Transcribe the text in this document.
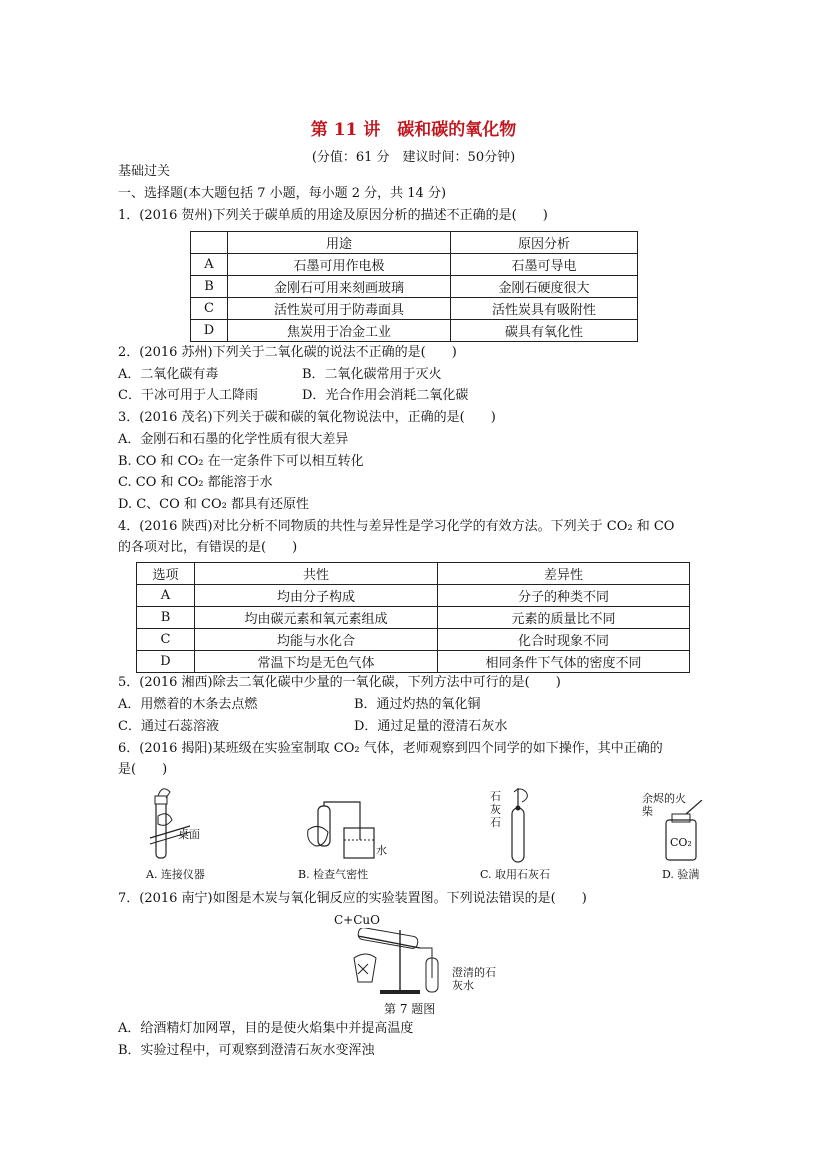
第 11 讲　碳和碳的氧化物
(分值：61 分　建议时间：50分钟)
基础过关
一、选择题(本大题包括 7 小题，每小题 2 分，共 14 分)
1．(2016 贺州)下列关于碳单质的用途及原因分析的描述不正确的是(　　)
	用途	原因分析
A	石墨可用作电极	石墨可导电
B	金刚石可用来刻画玻璃	金刚石硬度很大
C	活性炭可用于防毒面具	活性炭具有吸附性
D	焦炭用于冶金工业	碳具有氧化性
2．(2016 苏州)下列关于二氧化碳的说法不正确的是(　　)
A．二氧化碳有毒	B．二氧化碳常用于灭火
C．干冰可用于人工降雨	D．光合作用会消耗二氧化碳
3．(2016 茂名)下列关于碳和碳的氧化物说法中，正确的是(　　)
A．金刚石和石墨的化学性质有很大差异
B. CO 和 CO₂ 在一定条件下可以相互转化
C. CO 和 CO₂ 都能溶于水
D. C、CO 和 CO₂ 都具有还原性
4．(2016 陕西)对比分析不同物质的共性与差异性是学习化学的有效方法。下列关于 CO₂ 和 CO
的各项对比，有错误的是(　　)
选项	共性	差异性
A	均由分子构成	分子的种类不同
B	均由碳元素和氧元素组成	元素的质量比不同
C	均能与水化合	化合时现象不同
D	常温下均是无色气体	相同条件下气体的密度不同
5．(2016 湘西)除去二氧化碳中少量的一氧化碳，下列方法中可行的是(　　)
A．用燃着的木条去点燃	B．通过灼热的氧化铜
C．通过石蕊溶液	D．通过足量的澄清石灰水
6．(2016 揭阳)某班级在实验室制取 CO₂ 气体，老师观察到四个同学的如下操作，其中正确的
是(　　)
桌面
A. 连接仪器
水
B. 检查气密性
石灰石
C. 取用石灰石
余烬的火柴
CO₂
D. 验满
7．(2016 南宁)如图是木炭与氧化铜反应的实验装置图。下列说法错误的是(　　)
C+CuO
澄清的石灰水
第 7 题图
A．给酒精灯加网罩，目的是使火焰集中并提高温度
B．实验过程中，可观察到澄清石灰水变浑浊
